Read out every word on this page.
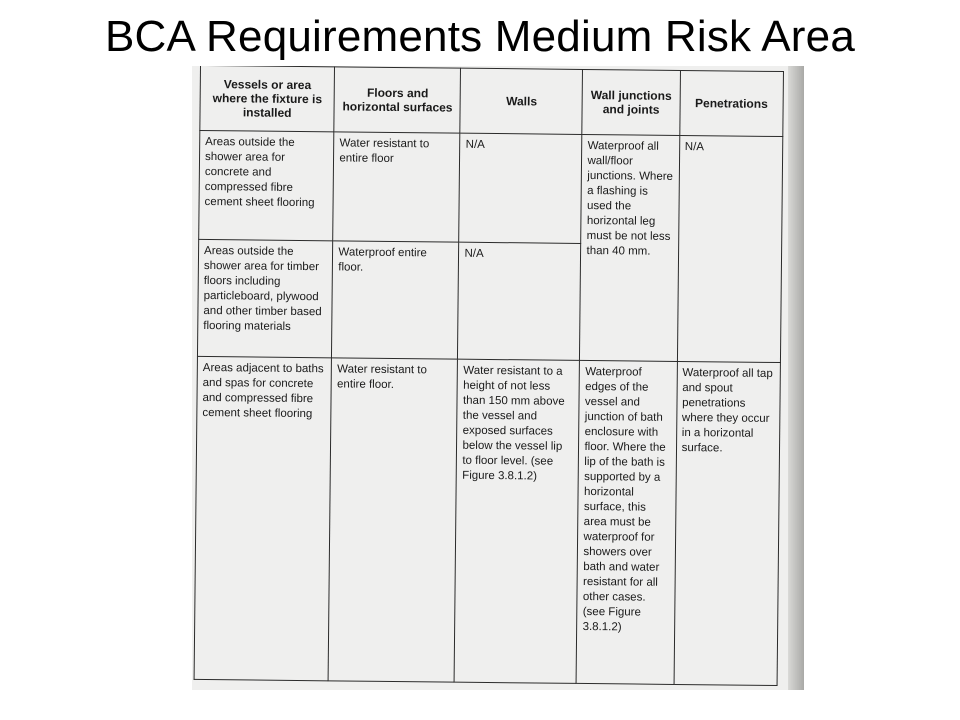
BCA Requirements Medium Risk Area
Vessels or area where the fixture is installed	Floors and horizontal surfaces	Walls	Wall junctions and joints	Penetrations
Areas outside the shower area for concrete and compressed fibre cement sheet flooring	Water resistant to entire floor	N/A	Waterproof all wall/floor junctions. Where a flashing is used the horizontal leg must be not less than 40 mm.	N/A
Areas outside the shower area for timber floors including particleboard, plywood and other timber based flooring materials	Waterproof entire floor.	N/A		
Areas adjacent to baths and spas for concrete and compressed fibre cement sheet flooring	Water resistant to entire floor.	Water resistant to a height of not less than 150 mm above the vessel and exposed surfaces below the vessel lip to floor level. (see Figure 3.8.1.2)	Waterproof edges of the vessel and junction of bath enclosure with floor. Where the lip of the bath is supported by a horizontal surface, this area must be waterproof for showers over bath and water resistant for all other cases. (see Figure 3.8.1.2)	Waterproof all tap and spout penetrations where they occur in a horizontal surface.
